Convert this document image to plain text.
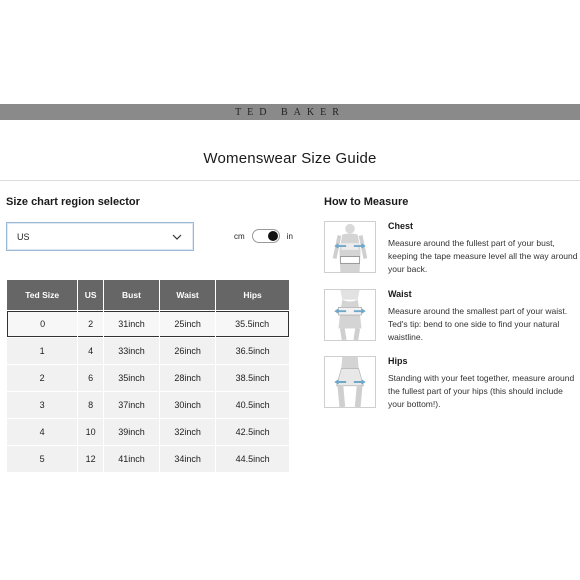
TED BAKER
Womenswear Size Guide
Size chart region selector
US	cm	in
Ted Size	US	Bust	Waist	Hips
0	2	31inch	25inch	35.5inch
1	4	33inch	26inch	36.5inch
2	6	35inch	28inch	38.5inch
3	8	37inch	30inch	40.5inch
4	10	39inch	32inch	42.5inch
5	12	41inch	34inch	44.5inch
How to Measure
Chest
Measure around the fullest part of your bust, keeping the tape measure level all the way around your back.
Waist
Measure around the smallest part of your waist. Ted's tip: bend to one side to find your natural waistline.
Hips
Standing with your feet together, measure around the fullest part of your hips (this should include your bottom!).
